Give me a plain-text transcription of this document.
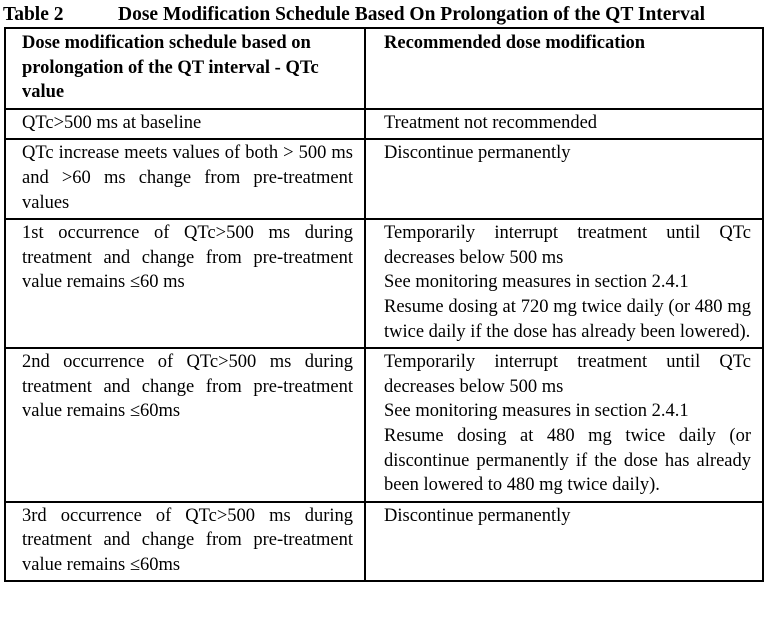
Table 2	Dose Modification Schedule Based On Prolongation of the QT Interval
Dose modification schedule based on prolongation of the QT interval - QTc value	Recommended dose modification
QTc>500 ms at baseline	Treatment not recommended

QTc increase meets values of both > 500 ms and >60 ms change from pre-treatment values	Discontinue permanently

1st occurrence of QTc>500 ms during treatment and change from pre-treatment value remains ≤60 ms	Temporarily interrupt treatment until QTc decreases below 500 ms

See monitoring measures in section 2.4.1

Resume dosing at 720 mg twice daily (or 480 mg twice daily if the dose has already been lowered).

2nd occurrence of QTc>500 ms during treatment and change from pre-treatment value remains ≤60ms	Temporarily interrupt treatment until QTc decreases below 500 ms

See monitoring measures in section 2.4.1

Resume dosing at 480 mg twice daily (or discontinue permanently if the dose has already been lowered to 480 mg twice daily).

3rd occurrence of QTc>500 ms during treatment and change from pre-treatment value remains ≤60ms	Discontinue permanently
